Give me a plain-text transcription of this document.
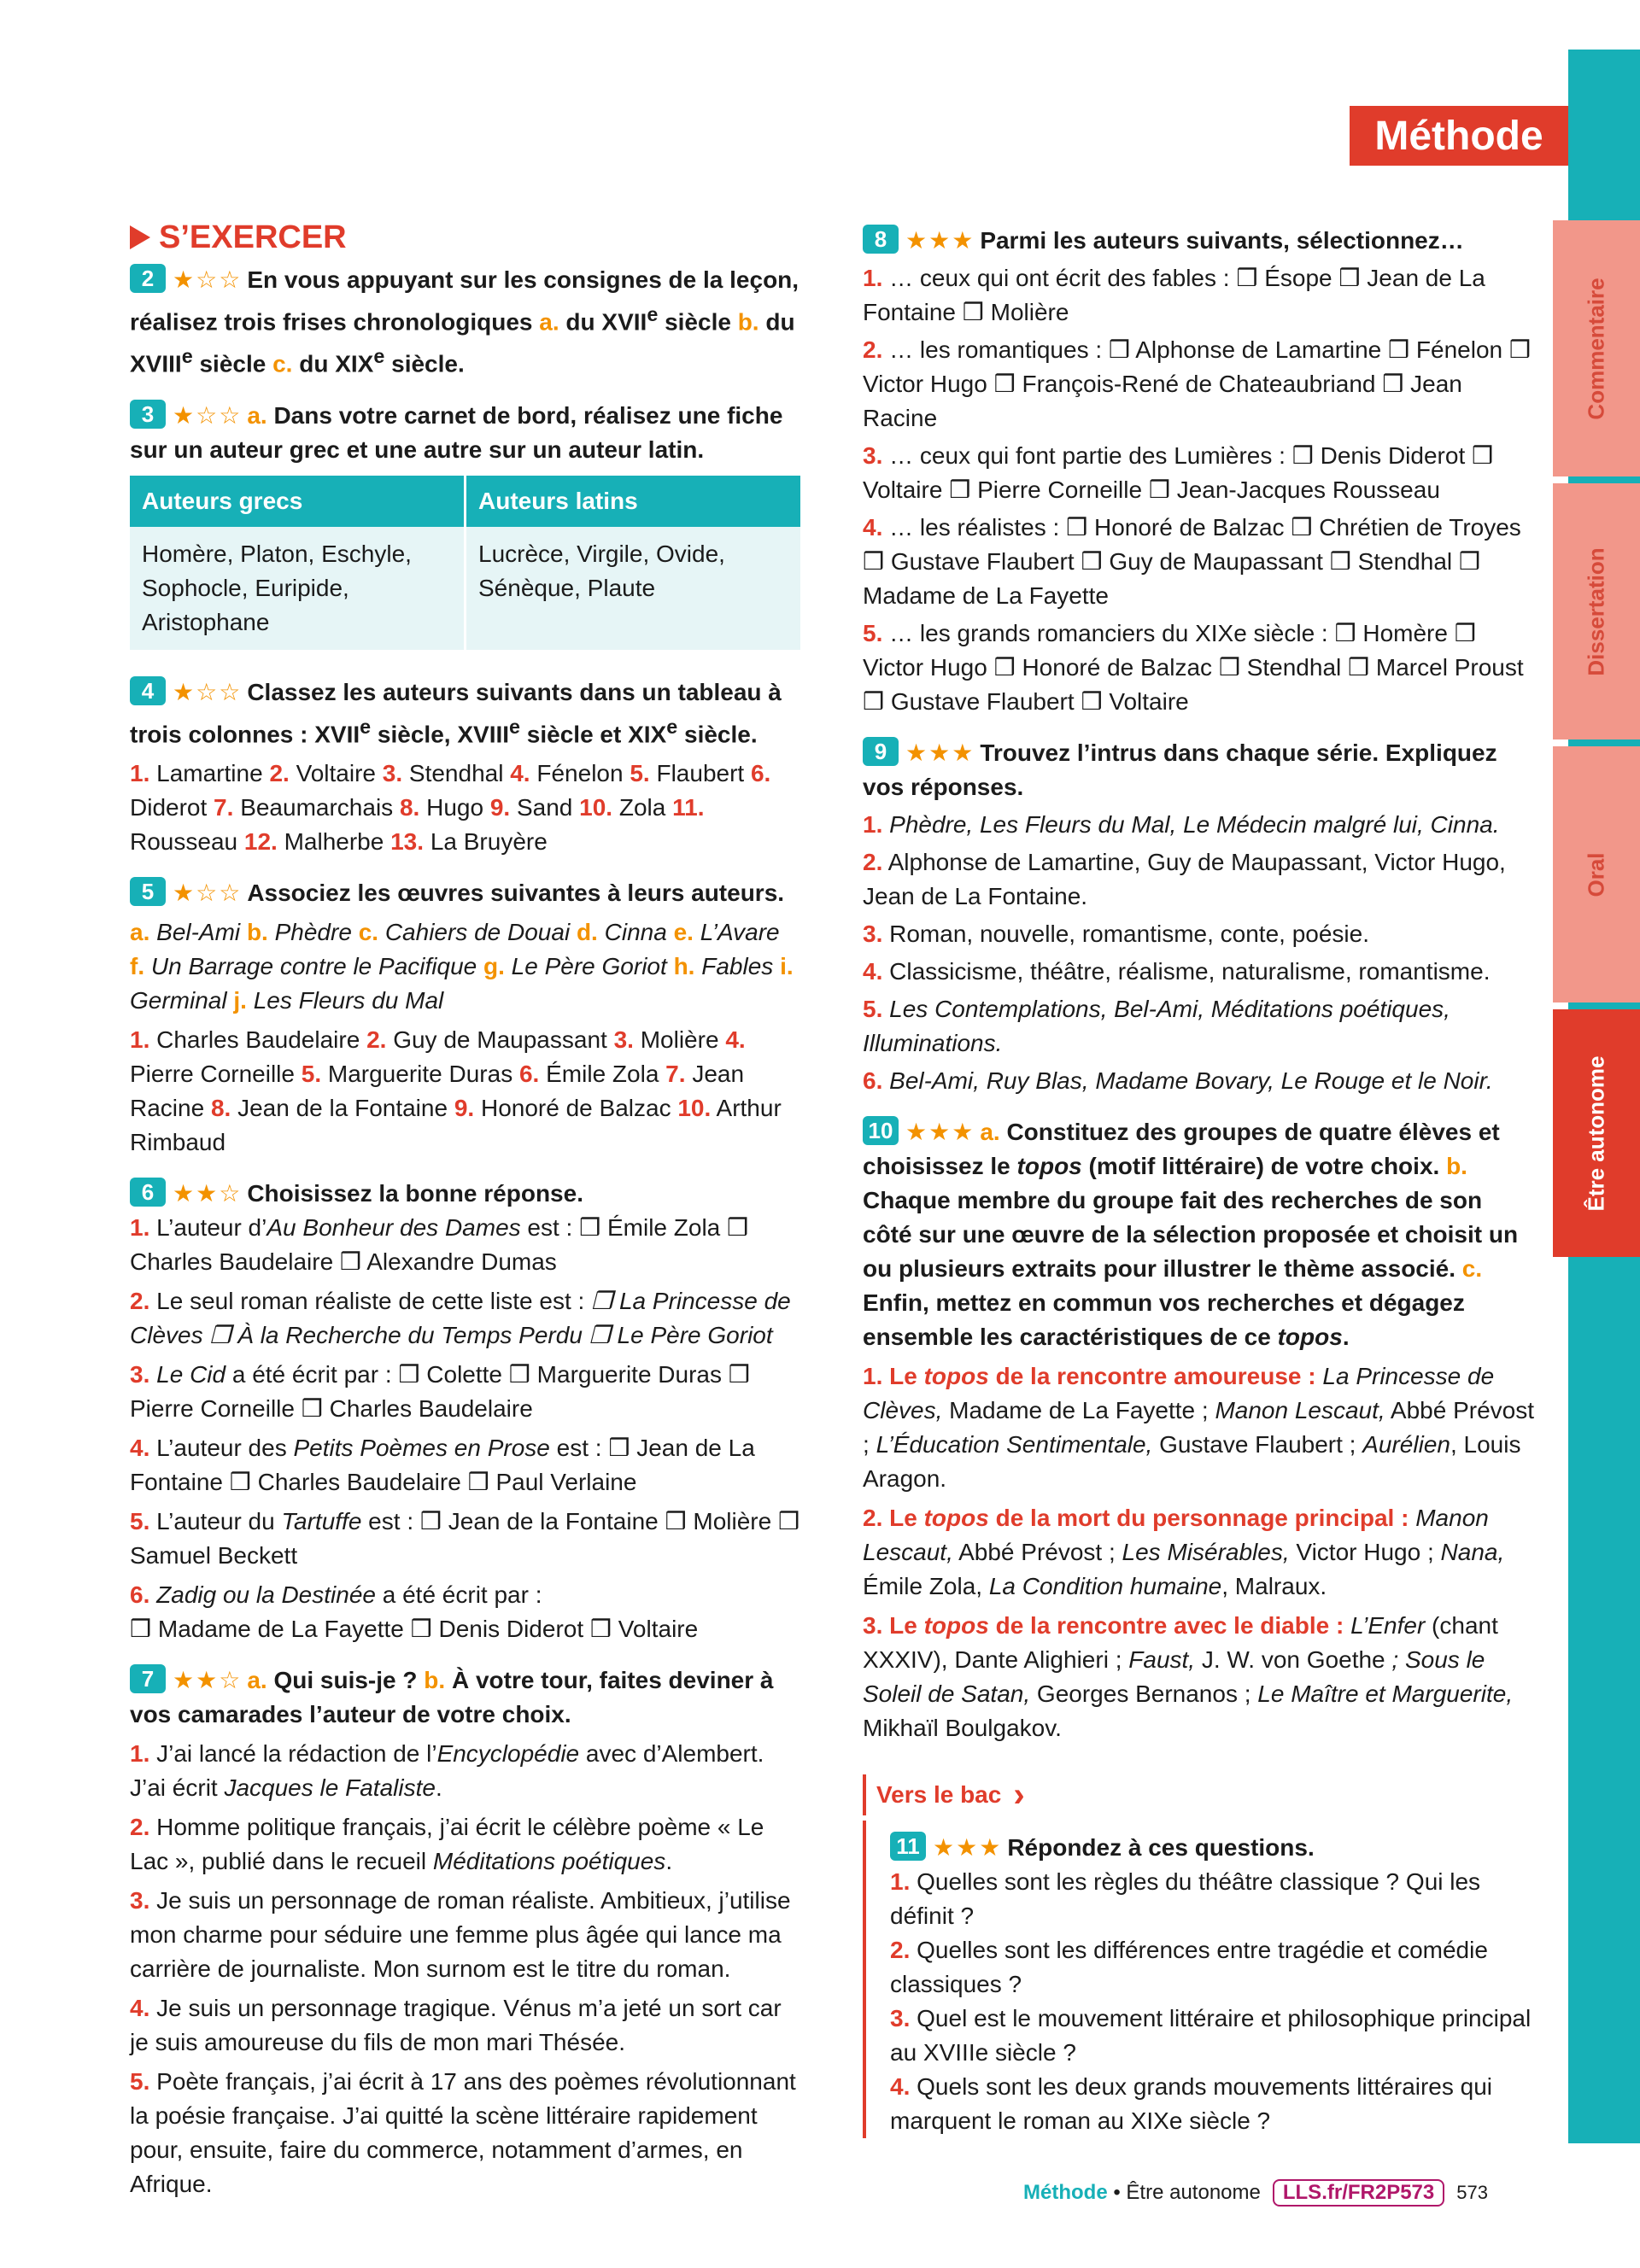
Commentaire
Dissertation
Oral
Être autonome
Méthode
S’EXERCER
2 ★☆☆ En vous appuyant sur les consignes de la leçon, réalisez trois frises chronologiques a. du XVIIe siècle b. du XVIIIe siècle c. du XIXe siècle.
3 ★☆☆ a. Dans votre carnet de bord, réalisez une fiche sur un auteur grec et une autre sur un auteur latin.
Auteurs grecs	Auteurs latins
Homère, Platon, Eschyle, Sophocle, Euripide, Aristophane	Lucrèce, Virgile, Ovide, Sénèque, Plaute
4 ★☆☆ Classez les auteurs suivants dans un tableau à trois colonnes : XVIIe siècle, XVIIIe siècle et XIXe siècle.
1. Lamartine 2. Voltaire 3. Stendhal 4. Fénelon 5. Flaubert 6. Diderot 7. Beaumarchais 8. Hugo 9. Sand 10. Zola 11. Rousseau 12. Malherbe 13. La Bruyère
5 ★☆☆ Associez les œuvres suivantes à leurs auteurs.
a. Bel-Ami b. Phèdre c. Cahiers de Douai d. Cinna e. L’Avare f. Un Barrage contre le Pacifique g. Le Père Goriot h. Fables i. Germinal j. Les Fleurs du Mal
1. Charles Baudelaire 2. Guy de Maupassant 3. Molière 4. Pierre Corneille 5. Marguerite Duras 6. Émile Zola 7. Jean Racine 8. Jean de la Fontaine 9. Honoré de Balzac 10. Arthur Rimbaud
6 ★★☆ Choisissez la bonne réponse.
1. L’auteur d’Au Bonheur des Dames est : ❒ Émile Zola ❒ Charles Baudelaire ❒ Alexandre Dumas
2. Le seul roman réaliste de cette liste est : ❒ La Princesse de Clèves ❒ À la Recherche du Temps Perdu ❒ Le Père Goriot
3. Le Cid a été écrit par : ❒ Colette ❒ Marguerite Duras ❒ Pierre Corneille ❒ Charles Baudelaire
4. L’auteur des Petits Poèmes en Prose est : ❒ Jean de La Fontaine ❒ Charles Baudelaire ❒ Paul Verlaine
5. L’auteur du Tartuffe est : ❒ Jean de la Fontaine ❒ Molière ❒ Samuel Beckett
6. Zadig ou la Destinée a été écrit par :
❒ Madame de La Fayette ❒ Denis Diderot ❒ Voltaire
7 ★★☆ a. Qui suis-je ? b. À votre tour, faites deviner à vos camarades l’auteur de votre choix.
1. J’ai lancé la rédaction de l’Encyclopédie avec d’Alembert. J’ai écrit Jacques le Fataliste.
2. Homme politique français, j’ai écrit le célèbre poème « Le Lac », publié dans le recueil Méditations poétiques.
3. Je suis un personnage de roman réaliste. Ambitieux, j’utilise mon charme pour séduire une femme plus âgée qui lance ma carrière de journaliste. Mon surnom est le titre du roman.
4. Je suis un personnage tragique. Vénus m’a jeté un sort car je suis amoureuse du fils de mon mari Thésée.
5. Poète français, j’ai écrit à 17 ans des poèmes révolutionnant la poésie française. J’ai quitté la scène littéraire rapidement pour, ensuite, faire du commerce, notamment d’armes, en Afrique.
8 ★★★ Parmi les auteurs suivants, sélectionnez…
1. … ceux qui ont écrit des fables : ❒ Ésope ❒ Jean de La Fontaine ❒ Molière
2. … les romantiques : ❒ Alphonse de Lamartine ❒ Fénelon ❒ Victor Hugo ❒ François-René de Chateaubriand ❒ Jean Racine
3. … ceux qui font partie des Lumières : ❒ Denis Diderot ❒ Voltaire ❒ Pierre Corneille ❒ Jean-Jacques Rousseau
4. … les réalistes : ❒ Honoré de Balzac ❒ Chrétien de Troyes ❒ Gustave Flaubert ❒ Guy de Maupassant ❒ Stendhal ❒ Madame de La Fayette
5. … les grands romanciers du XIXe siècle : ❒ Homère ❒ Victor Hugo ❒ Honoré de Balzac ❒ Stendhal ❒ Marcel Proust ❒ Gustave Flaubert ❒ Voltaire
9 ★★★ Trouvez l’intrus dans chaque série. Expliquez vos réponses.
1. Phèdre, Les Fleurs du Mal, Le Médecin malgré lui, Cinna.
2. Alphonse de Lamartine, Guy de Maupassant, Victor Hugo, Jean de La Fontaine.
3. Roman, nouvelle, romantisme, conte, poésie.
4. Classicisme, théâtre, réalisme, naturalisme, romantisme.
5. Les Contemplations, Bel-Ami, Méditations poétiques, Illuminations.
6. Bel-Ami, Ruy Blas, Madame Bovary, Le Rouge et le Noir.
10 ★★★ a. Constituez des groupes de quatre élèves et choisissez le topos (motif littéraire) de votre choix. b. Chaque membre du groupe fait des recherches de son côté sur une œuvre de la sélection proposée et choisit un ou plusieurs extraits pour illustrer le thème associé. c. Enfin, mettez en commun vos recherches et dégagez ensemble les caractéristiques de ce topos.
1. Le topos de la rencontre amoureuse : La Princesse de Clèves, Madame de La Fayette ; Manon Lescaut, Abbé Prévost ; L’Éducation Sentimentale, Gustave Flaubert ; Aurélien, Louis Aragon.
2. Le topos de la mort du personnage principal : Manon Lescaut, Abbé Prévost ; Les Misérables, Victor Hugo ; Nana, Émile Zola, La Condition humaine, Malraux.
3. Le topos de la rencontre avec le diable : L’Enfer (chant XXXIV), Dante Alighieri ; Faust, J. W. von Goethe ; Sous le Soleil de Satan, Georges Bernanos ; Le Maître et Marguerite, Mikhaïl Boulgakov.
Vers le bac ›
11 ★★★ Répondez à ces questions.
1. Quelles sont les règles du théâtre classique ? Qui les définit ?
2. Quelles sont les différences entre tragédie et comédie classiques ?
3. Quel est le mouvement littéraire et philosophique principal au XVIIIe siècle ?
4. Quels sont les deux grands mouvements littéraires qui marquent le roman au XIXe siècle ?
Méthode • Être autonome	LLS.fr/FR2P573	573
